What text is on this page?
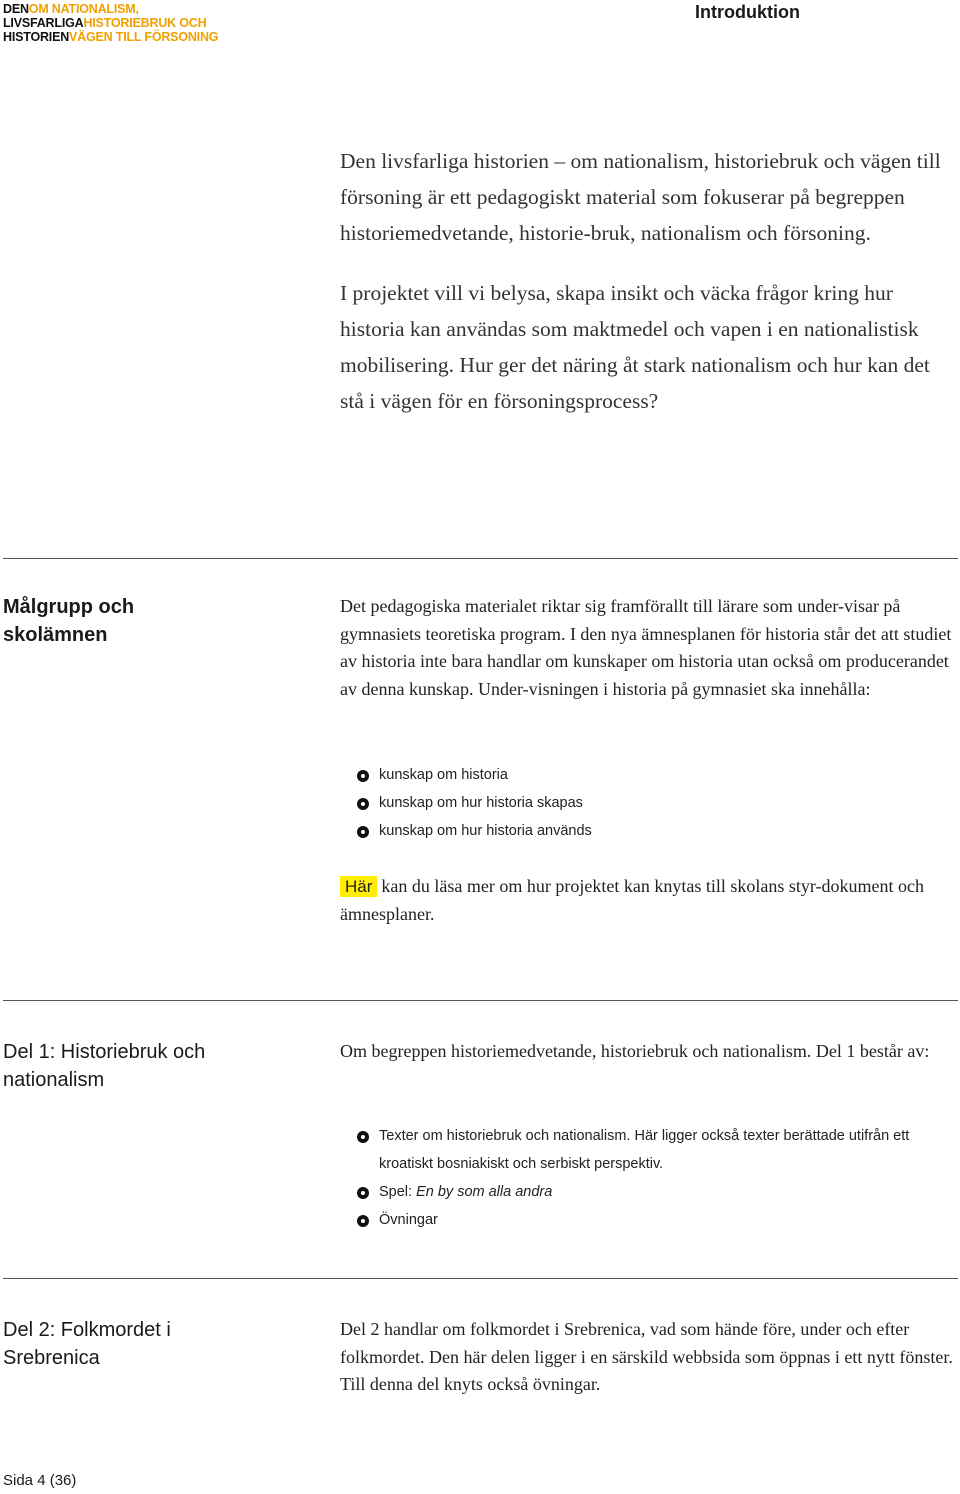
DENOM NATIONALISM,
LIVSFARLIGAHISTORIEBRUK OCH
HISTORIENVÄGEN TILL FÖRSONING
Introduktion

Den livsfarliga historien – om nationalism, historiebruk och vägen till försoning är ett pedagogiskt material som fokuserar på begreppen historiemedvetande, historie-bruk, nationalism och försoning.

I projektet vill vi belysa, skapa insikt och väcka frågor kring hur historia kan användas som maktmedel och vapen i en nationalistisk mobilisering. Hur ger det näring åt stark nationalism och hur kan det stå i vägen för en försoningsprocess?

Målgrupp och skolämnen

Det pedagogiska materialet riktar sig framförallt till lärare som under-visar på gymnasiets teoretiska program. I den nya ämnesplanen för historia står det att studiet av historia inte bara handlar om kunskaper om historia utan också om producerandet av denna kunskap. Under-visningen i historia på gymnasiet ska innehålla:

kunskap om historia
kunskap om hur historia skapas
kunskap om hur historia används

Här kan du läsa mer om hur projektet kan knytas till skolans styr-dokument och ämnesplaner.

Del 1: Historiebruk och nationalism

Om begreppen historiemedvetande, historiebruk och nationalism. Del 1 består av:

Texter om historiebruk och nationalism. Här ligger också texter berättade utifrån ett kroatiskt bosniakiskt och serbiskt perspektiv.
Spel: En by som alla andra
Övningar
Del 2: Folkmordet i Srebrenica

Del 2 handlar om folkmordet i Srebrenica, vad som hände före, under och efter folkmordet. Den här delen ligger i en särskild webbsida som öppnas i ett nytt fönster. Till denna del knyts också övningar.

Sida 4 (36)
